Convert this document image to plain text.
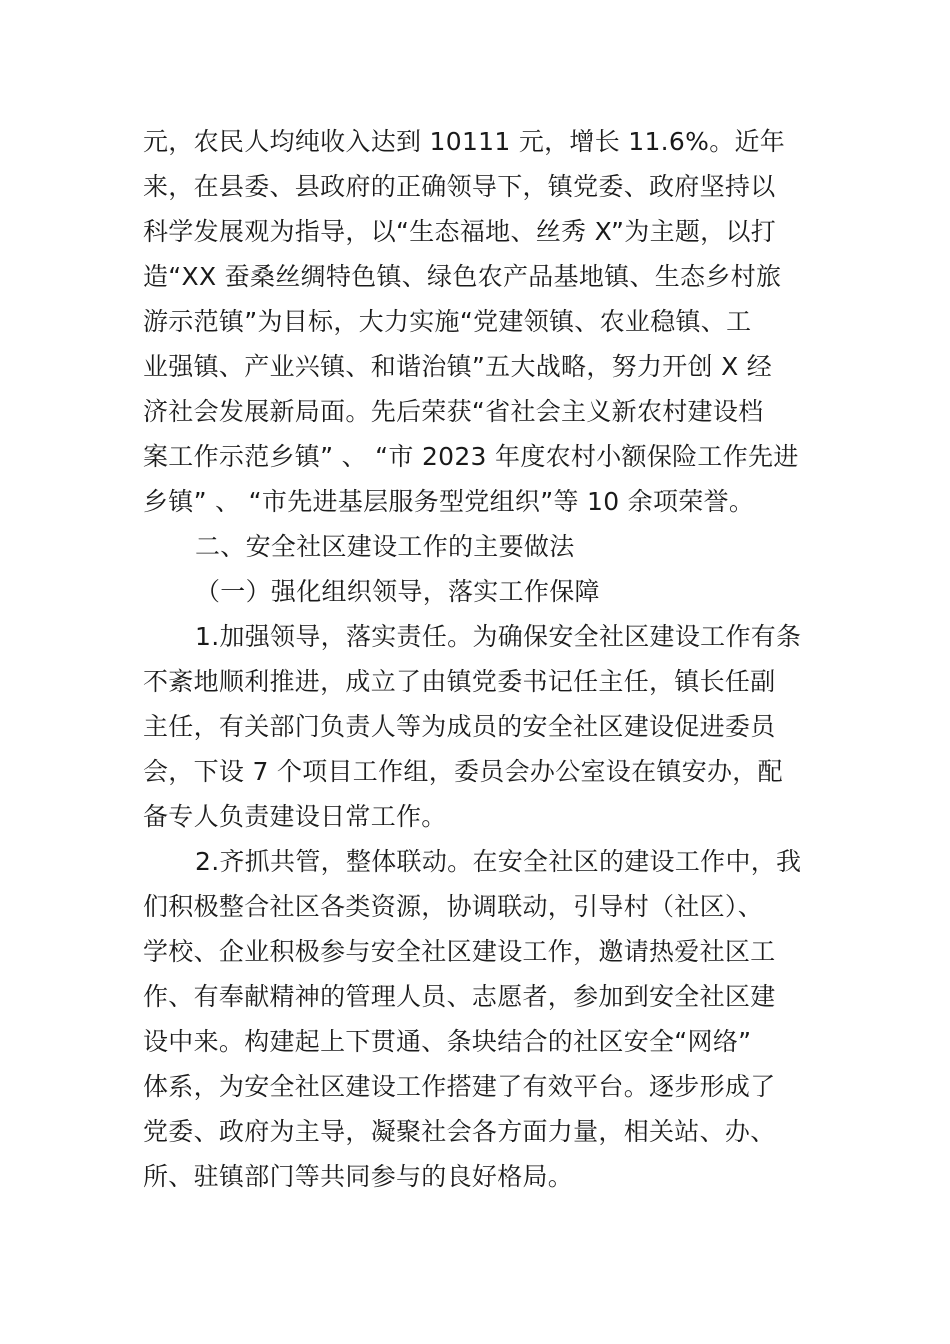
元，农民人均纯收入达到 10111 元，增长 11.6%。近年
来，在县委、县政府的正确领导下，镇党委、政府坚持以
科学发展观为指导，以“生态福地、丝秀 X”为主题，以打
造“XX 蚕桑丝绸特色镇、绿色农产品基地镇、生态乡村旅
游示范镇”为目标，大力实施“党建领镇、农业稳镇、工
业强镇、产业兴镇、和谐治镇”五大战略，努力开创 X 经
济社会发展新局面。先后荣获“省社会主义新农村建设档
案工作示范乡镇” 、 “市 2023 年度农村小额保险工作先进
乡镇” 、 “市先进基层服务型党组织”等 10 余项荣誉。
二、安全社区建设工作的主要做法
（一）强化组织领导，落实工作保障
1.加强领导，落实责任。为确保安全社区建设工作有条
不紊地顺利推进，成立了由镇党委书记任主任，镇长任副
主任，有关部门负责人等为成员的安全社区建设促进委员
会，下设 7 个项目工作组，委员会办公室设在镇安办，配
备专人负责建设日常工作。
2.齐抓共管，整体联动。在安全社区的建设工作中，我
们积极整合社区各类资源，协调联动，引导村（社区）、
学校、企业积极参与安全社区建设工作，邀请热爱社区工
作、有奉献精神的管理人员、志愿者，参加到安全社区建
设中来。构建起上下贯通、条块结合的社区安全“网络”
体系，为安全社区建设工作搭建了有效平台。逐步形成了
党委、政府为主导，凝聚社会各方面力量，相关站、办、
所、驻镇部门等共同参与的良好格局。
